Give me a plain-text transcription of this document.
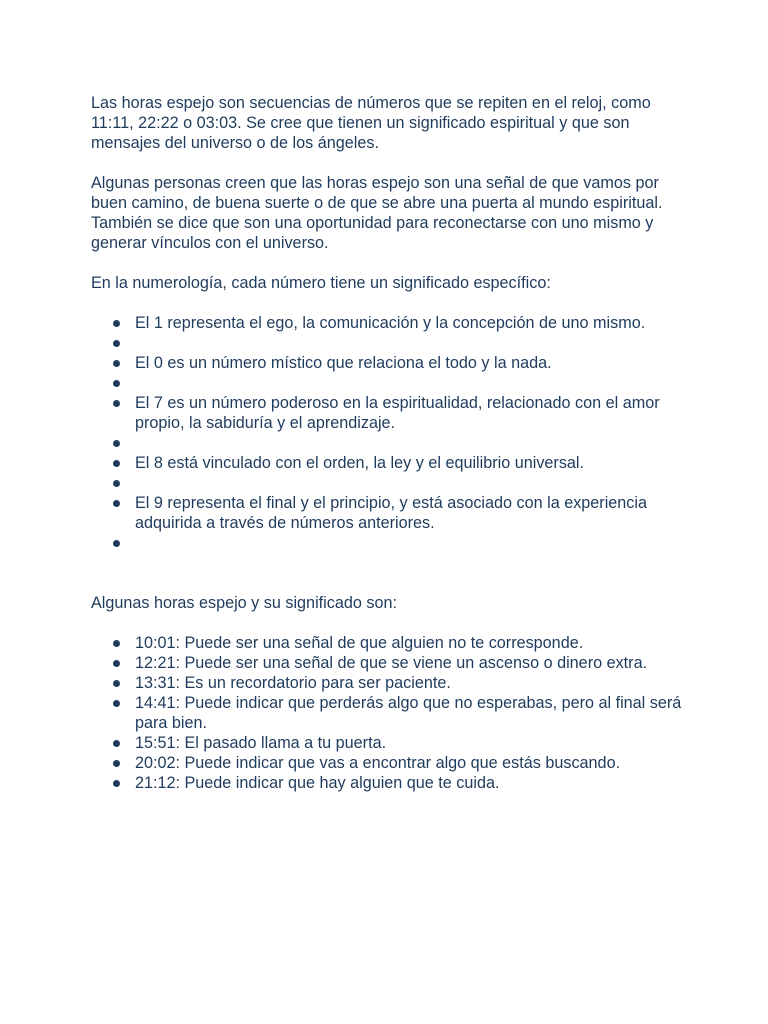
Las horas espejo son secuencias de números que se repiten en el reloj, como 11:11, 22:22 o 03:03. Se cree que tienen un significado espiritual y que son mensajes del universo o de los ángeles.

Algunas personas creen que las horas espejo son una señal de que vamos por buen camino, de buena suerte o de que se abre una puerta al mundo espiritual. También se dice que son una oportunidad para reconectarse con uno mismo y generar vínculos con el universo.

En la numerología, cada número tiene un significado específico:

El 1 representa el ego, la comunicación y la concepción de uno mismo.
El 0 es un número místico que relaciona el todo y la nada.
El 7 es un número poderoso en la espiritualidad, relacionado con el amor propio, la sabiduría y el aprendizaje.
El 8 está vinculado con el orden, la ley y el equilibrio universal.
El 9 representa el final y el principio, y está asociado con la experiencia adquirida a través de números anteriores.

Algunas horas espejo y su significado son:

10:01: Puede ser una señal de que alguien no te corresponde.
12:21: Puede ser una señal de que se viene un ascenso o dinero extra.
13:31: Es un recordatorio para ser paciente.
14:41: Puede indicar que perderás algo que no esperabas, pero al final será para bien.
15:51: El pasado llama a tu puerta.
20:02: Puede indicar que vas a encontrar algo que estás buscando.
21:12: Puede indicar que hay alguien que te cuida.
